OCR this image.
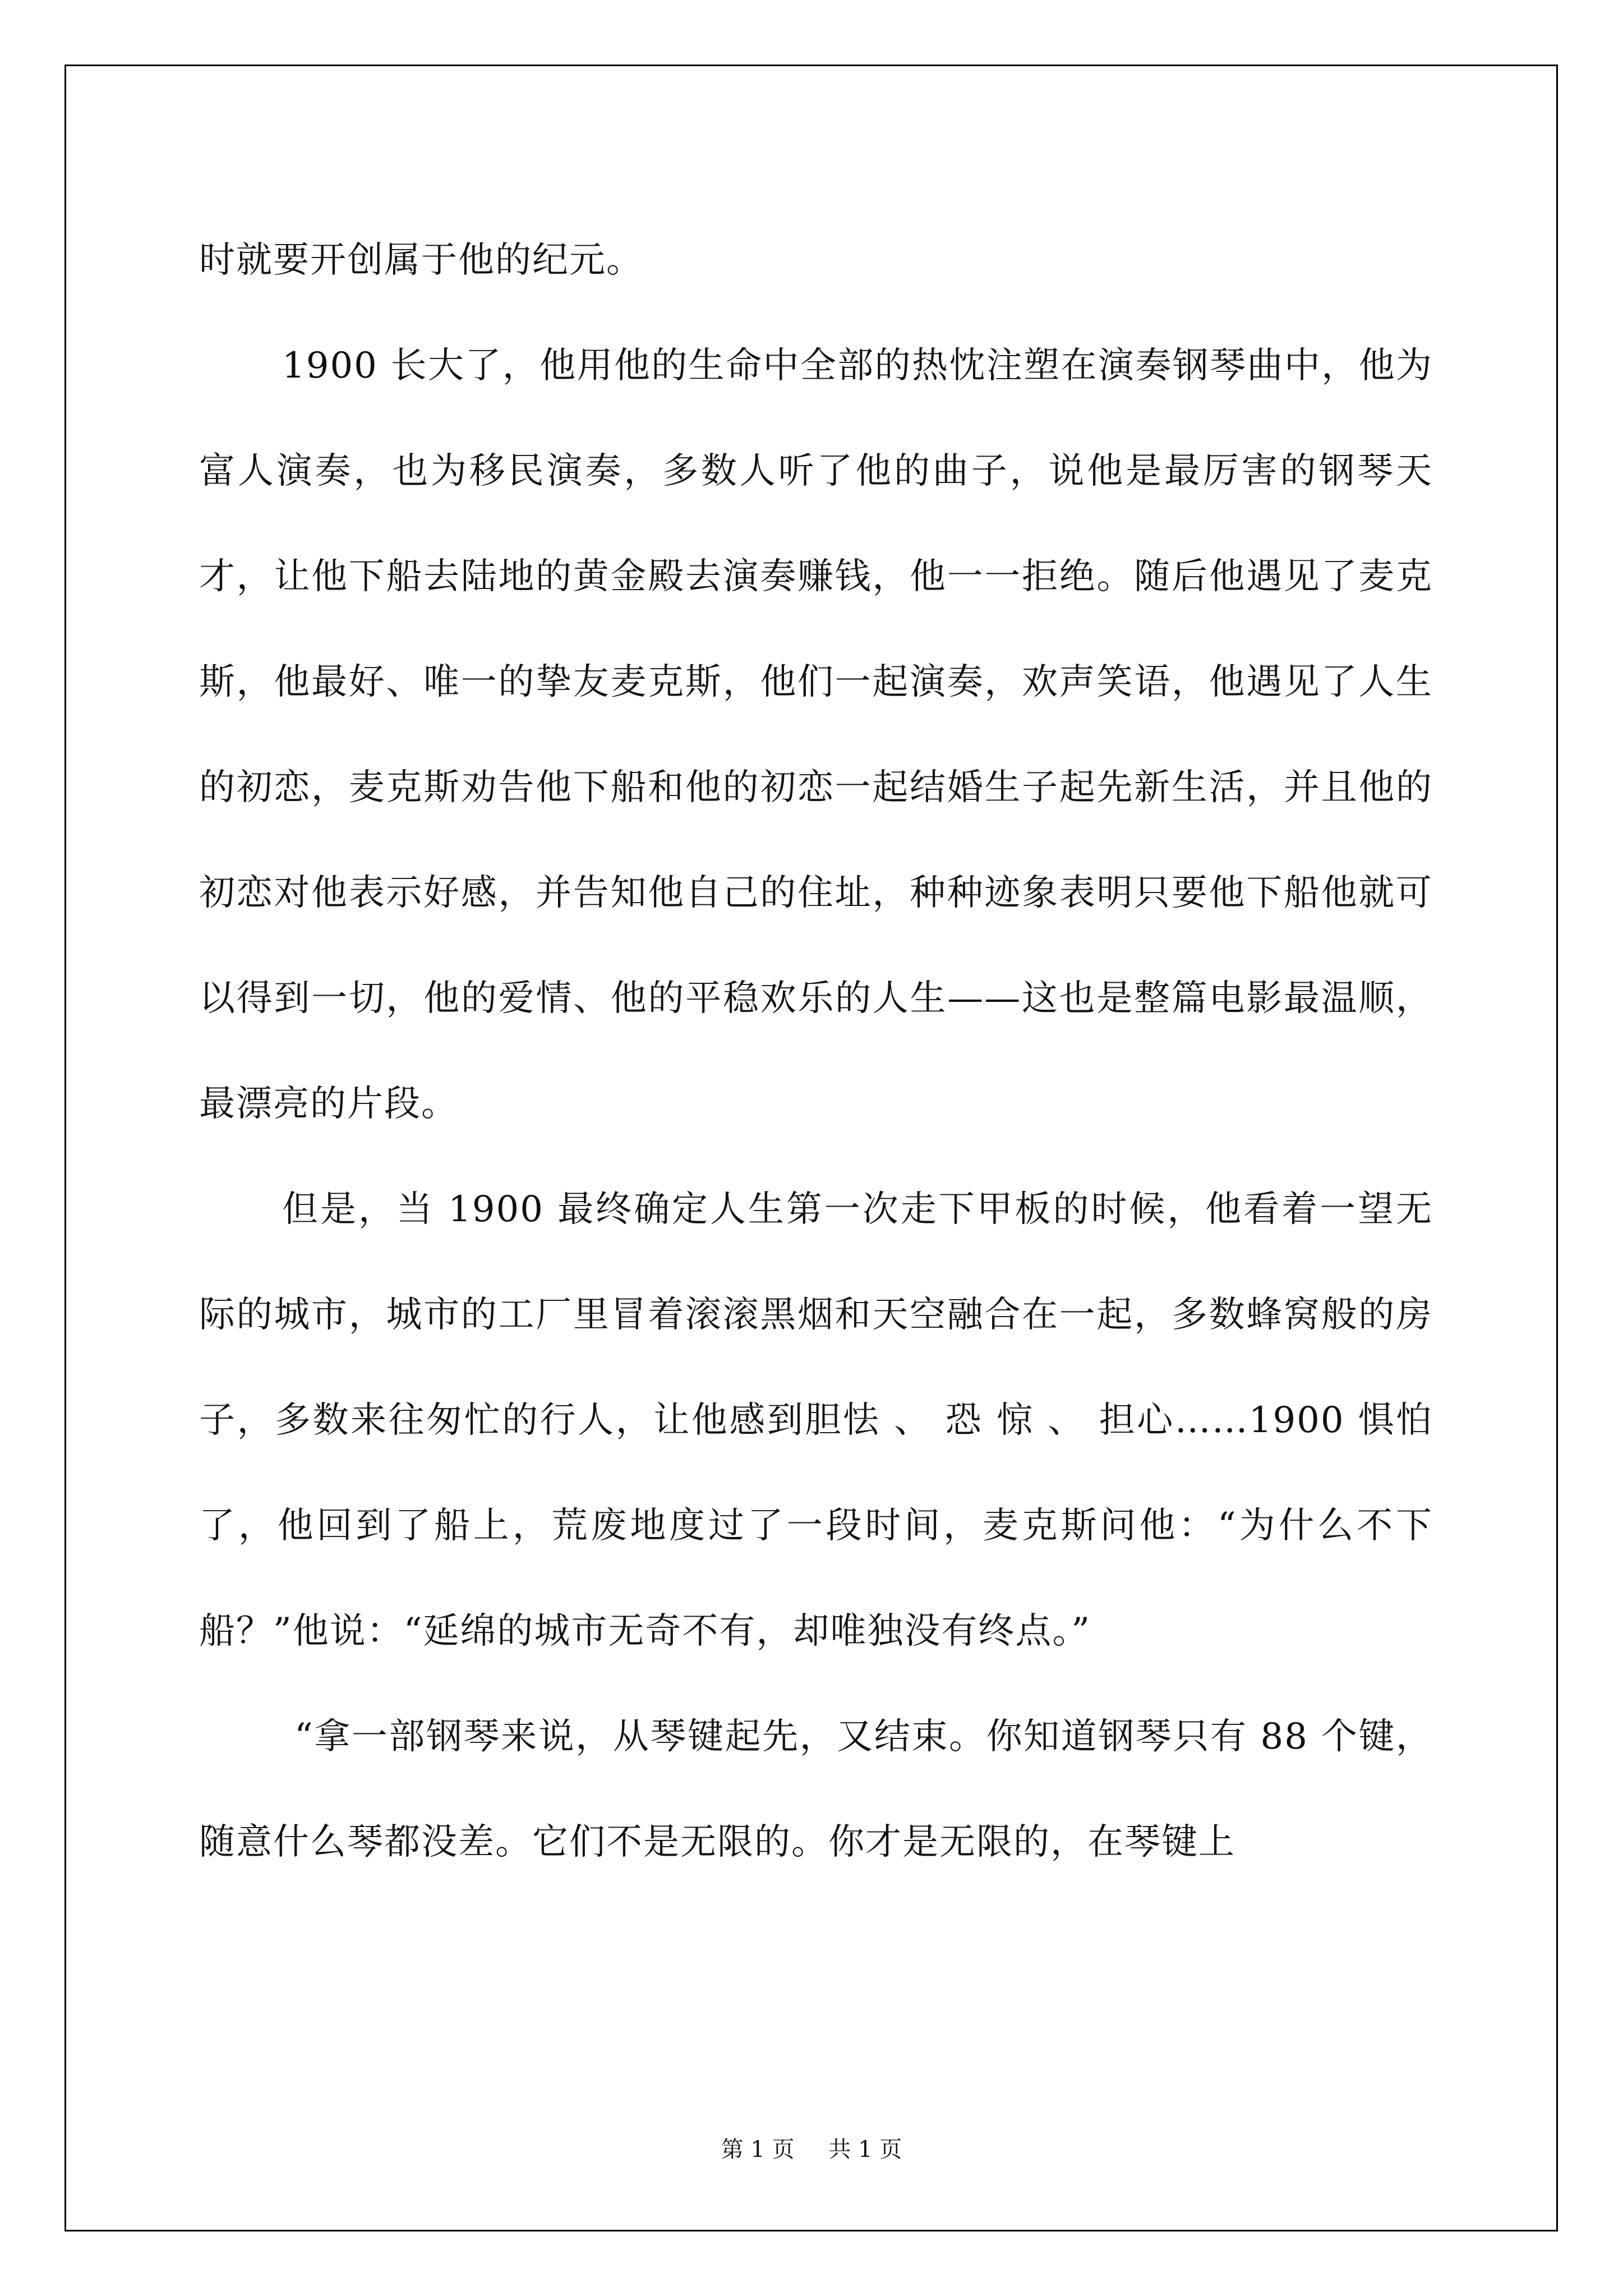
时就要开创属于他的纪元。

1900 长大了，他用他的生命中全部的热忱注塑在演奏钢琴曲中，他为富人演奏，也为移民演奏，多数人听了他的曲子，说他是最厉害的钢琴天才，让他下船去陆地的黄金殿去演奏赚钱，他一一拒绝。随后他遇见了麦克斯，他最好、唯一的挚友麦克斯，他们一起演奏，欢声笑语，他遇见了人生的初恋，麦克斯劝告他下船和他的初恋一起结婚生子起先新生活，并且他的初恋对他表示好感，并告知他自己的住址，种种迹象表明只要他下船他就可以得到一切，他的爱情、他的平稳欢乐的人生——这也是整篇电影最温顺，最漂亮的片段。

但是，当 1900 最终确定人生第一次走下甲板的时候，他看着一望无际的城市，城市的工厂里冒着滚滚黑烟和天空融合在一起，多数蜂窝般的房子，多数来往匆忙的行人，让他感到胆怯 、 恐 惊 、 担心……1900 惧怕了，他回到了船上，荒废地度过了一段时间，麦克斯问他：“为什么不下船？”他说：“延绵的城市无奇不有，却唯独没有终点。”

“拿一部钢琴来说，从琴键起先，又结束。你知道钢琴只有 88 个键，随意什么琴都没差。它们不是无限的。你才是无限的，在琴键上

第 1 页 共 1 页
